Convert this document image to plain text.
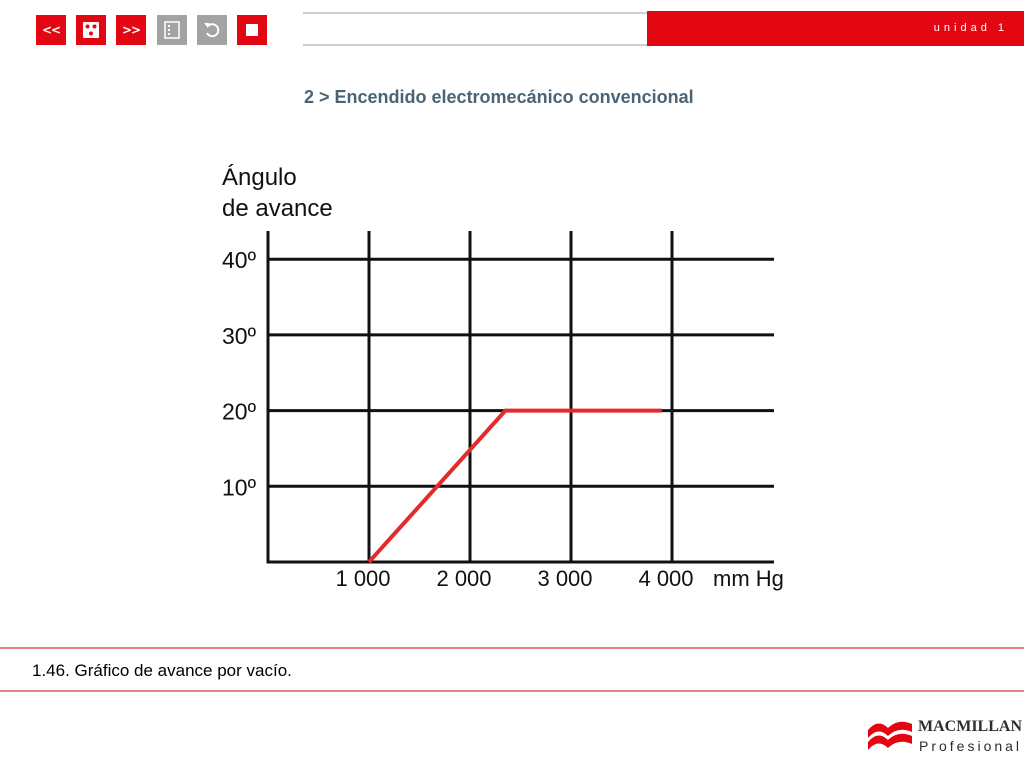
<<	>>	unidad 1
2 > Encendido electromecánico convencional
10º
20º
30º
40º
1 000 2 000 3 000 4 000
Ángulo
de avance
mm Hg
1.46. Gráfico de avance por vacío.
MACMILLAN
Profesional
